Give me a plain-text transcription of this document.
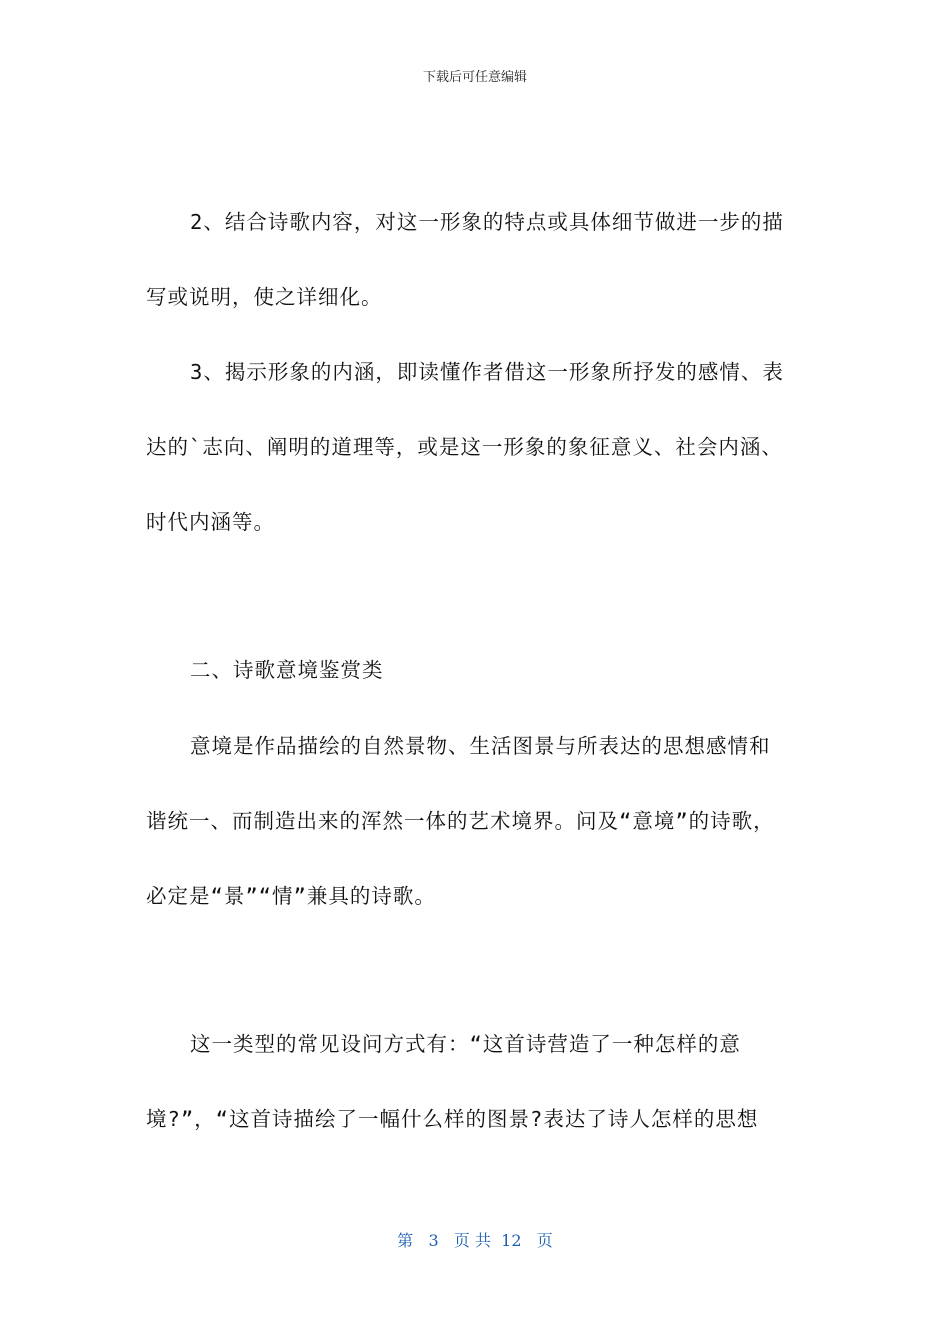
下载后可任意编辑
2、结合诗歌内容，对这一形象的特点或具体细节做进一步的描
写或说明，使之详细化。
3、揭示形象的内涵，即读懂作者借这一形象所抒发的感情、表
达的`志向、阐明的道理等，或是这一形象的象征意义、社会内涵、
时代内涵等。
二、诗歌意境鉴赏类
意境是作品描绘的自然景物、生活图景与所表达的思想感情和
谐统一、而制造出来的浑然一体的艺术境界。问及“意境”的诗歌，
必定是“景”“情”兼具的诗歌。
这一类型的常见设问方式有：“这首诗营造了一种怎样的意
境?”，“这首诗描绘了一幅什么样的图景?表达了诗人怎样的思想
第 3 页 共 12 页
